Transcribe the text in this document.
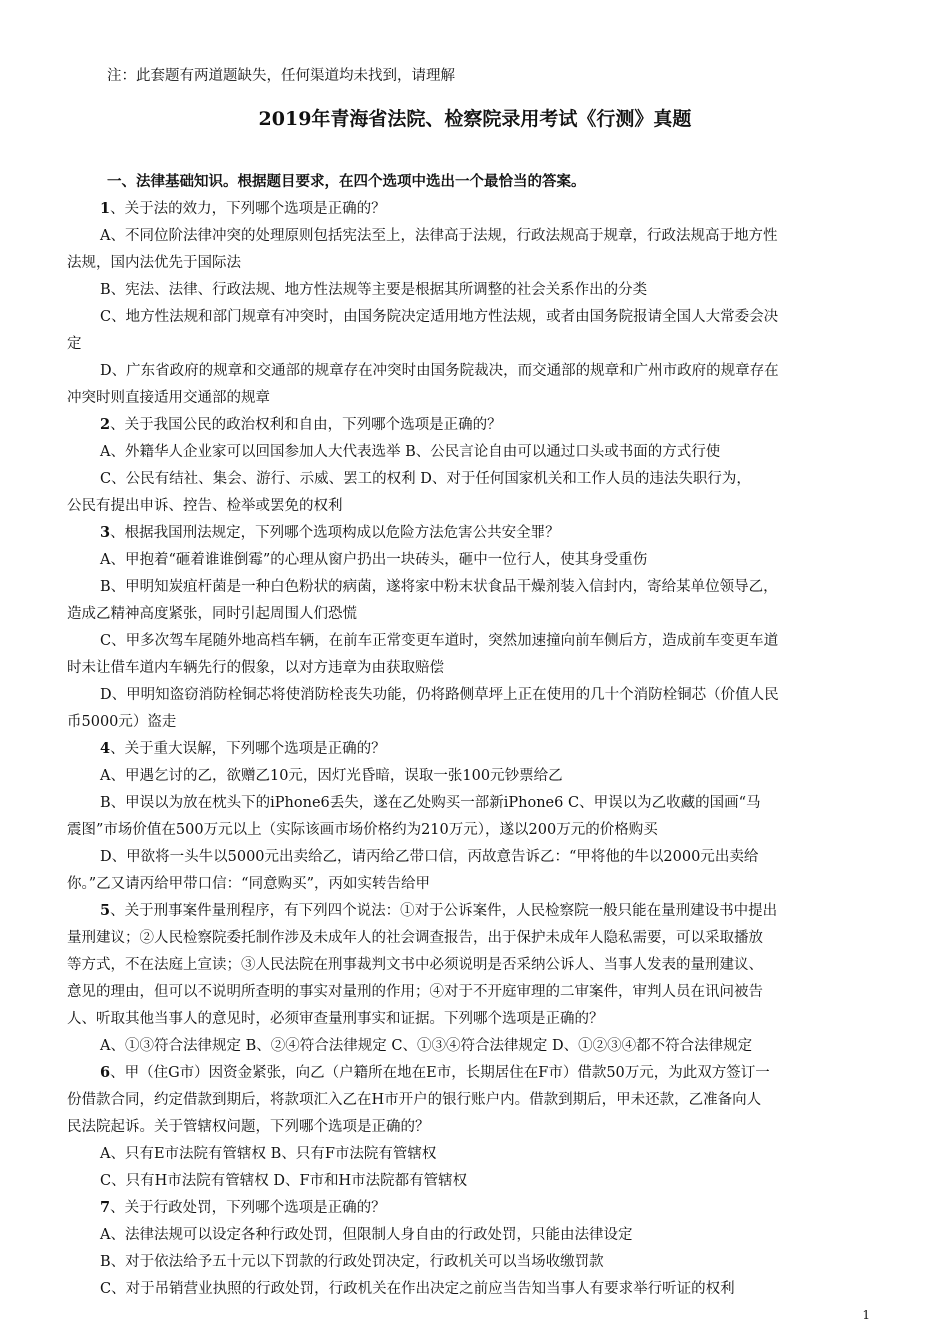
注：此套题有两道题缺失，任何渠道均未找到，请理解
2019年青海省法院、检察院录用考试《行测》真题
一、法律基础知识。根据题目要求，在四个选项中选出一个最恰当的答案。
1、关于法的效力，下列哪个选项是正确的？
A、不同位阶法律冲突的处理原则包括宪法至上，法律高于法规，行政法规高于规章，行政法规高于地方性
法规，国内法优先于国际法
B、宪法、法律、行政法规、地方性法规等主要是根据其所调整的社会关系作出的分类
C、地方性法规和部门规章有冲突时，由国务院决定适用地方性法规，或者由国务院报请全国人大常委会决
定
D、广东省政府的规章和交通部的规章存在冲突时由国务院裁决，而交通部的规章和广州市政府的规章存在
冲突时则直接适用交通部的规章
2、关于我国公民的政治权利和自由，下列哪个选项是正确的？
A、外籍华人企业家可以回国参加人大代表选举 B、公民言论自由可以通过口头或书面的方式行使
C、公民有结社、集会、游行、示威、罢工的权利 D、对于任何国家机关和工作人员的违法失职行为，
公民有提出申诉、控告、检举或罢免的权利
3、根据我国刑法规定，下列哪个选项构成以危险方法危害公共安全罪？
A、甲抱着“砸着谁谁倒霉”的心理从窗户扔出一块砖头，砸中一位行人，使其身受重伤
B、甲明知炭疽杆菌是一种白色粉状的病菌，遂将家中粉末状食品干燥剂装入信封内，寄给某单位领导乙，
造成乙精神高度紧张，同时引起周围人们恐慌
C、甲多次驾车尾随外地高档车辆，在前车正常变更车道时，突然加速撞向前车侧后方，造成前车变更车道
时未让借车道内车辆先行的假象，以对方违章为由获取赔偿
D、甲明知盗窃消防栓铜芯将使消防栓丧失功能，仍将路侧草坪上正在使用的几十个消防栓铜芯（价值人民
币5000元）盗走
4、关于重大误解，下列哪个选项是正确的？
A、甲遇乞讨的乙，欲赠乙10元，因灯光昏暗，误取一张100元钞票给乙
B、甲误以为放在枕头下的iPhone6丢失，遂在乙处购买一部新iPhone6 C、甲误以为乙收藏的国画“马
震图”市场价值在500万元以上（实际该画市场价格约为210万元），遂以200万元的价格购买
D、甲欲将一头牛以5000元出卖给乙，请丙给乙带口信，丙故意告诉乙：“甲将他的牛以2000元出卖给
你。”乙又请丙给甲带口信：“同意购买”，丙如实转告给甲
5、关于刑事案件量刑程序，有下列四个说法：①对于公诉案件，人民检察院一般只能在量刑建设书中提出
量刑建议；②人民检察院委托制作涉及未成年人的社会调查报告，出于保护未成年人隐私需要，可以采取播放
等方式，不在法庭上宣读；③人民法院在刑事裁判文书中必须说明是否采纳公诉人、当事人发表的量刑建议、
意见的理由，但可以不说明所查明的事实对量刑的作用；④对于不开庭审理的二审案件，审判人员在讯问被告
人、听取其他当事人的意见时，必须审查量刑事实和证据。下列哪个选项是正确的？
A、①③符合法律规定 B、②④符合法律规定 C、①③④符合法律规定 D、①②③④都不符合法律规定
6、甲（住G市）因资金紧张，向乙（户籍所在地在E市，长期居住在F市）借款50万元，为此双方签订一
份借款合同，约定借款到期后，将款项汇入乙在H市开户的银行账户内。借款到期后，甲未还款，乙准备向人
民法院起诉。关于管辖权问题，下列哪个选项是正确的？
A、只有E市法院有管辖权 B、只有F市法院有管辖权
C、只有H市法院有管辖权 D、F市和H市法院都有管辖权
7、关于行政处罚，下列哪个选项是正确的？
A、法律法规可以设定各种行政处罚，但限制人身自由的行政处罚，只能由法律设定
B、对于依法给予五十元以下罚款的行政处罚决定，行政机关可以当场收缴罚款
C、对于吊销营业执照的行政处罚，行政机关在作出决定之前应当告知当事人有要求举行听证的权利
1
